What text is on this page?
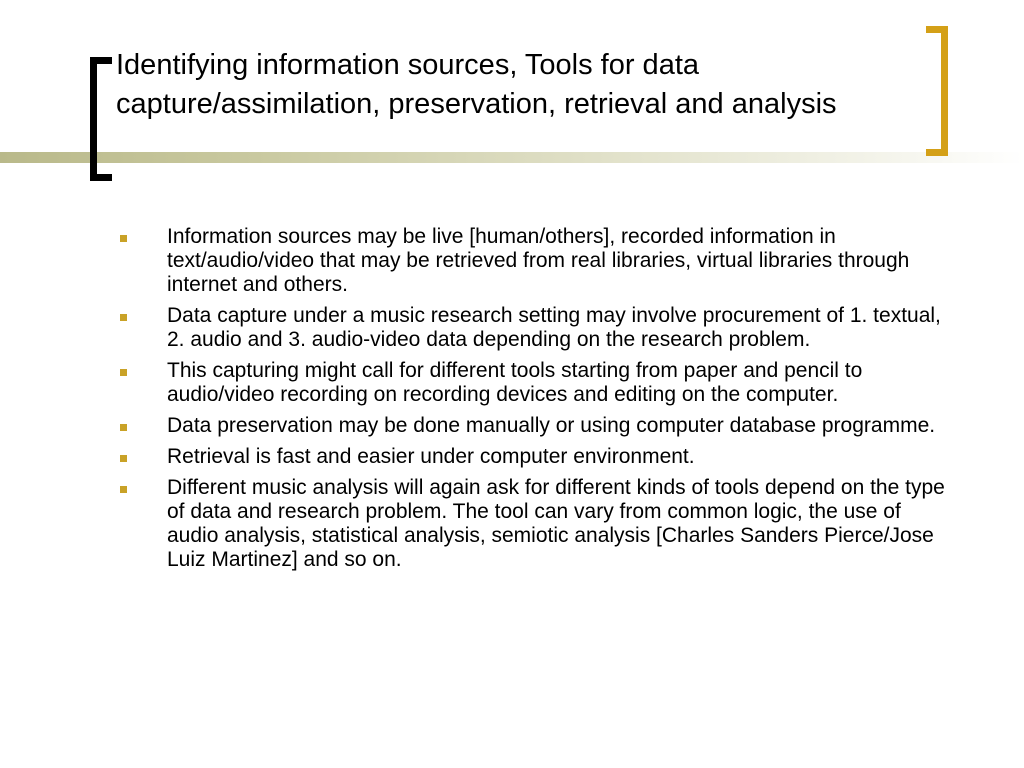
Identifying information sources, Tools for data capture/assimilation, preservation, retrieval and analysis
Information sources may be live [human/others], recorded information in text/audio/video that may be retrieved from real libraries, virtual libraries through internet and others.
Data capture under a music research setting may involve procurement of 1. textual, 2. audio and 3. audio-video data depending on the research problem.
This capturing might call for different tools starting from paper and pencil to audio/video recording on recording devices and editing on the computer.
Data preservation may be done manually or using computer database programme.
Retrieval is fast and easier under computer environment.
Different music analysis will again ask for different kinds of tools depend on the type of data and research problem. The tool can vary from common logic, the use of audio analysis, statistical analysis, semiotic analysis [Charles Sanders Pierce/Jose Luiz Martinez] and so on.
